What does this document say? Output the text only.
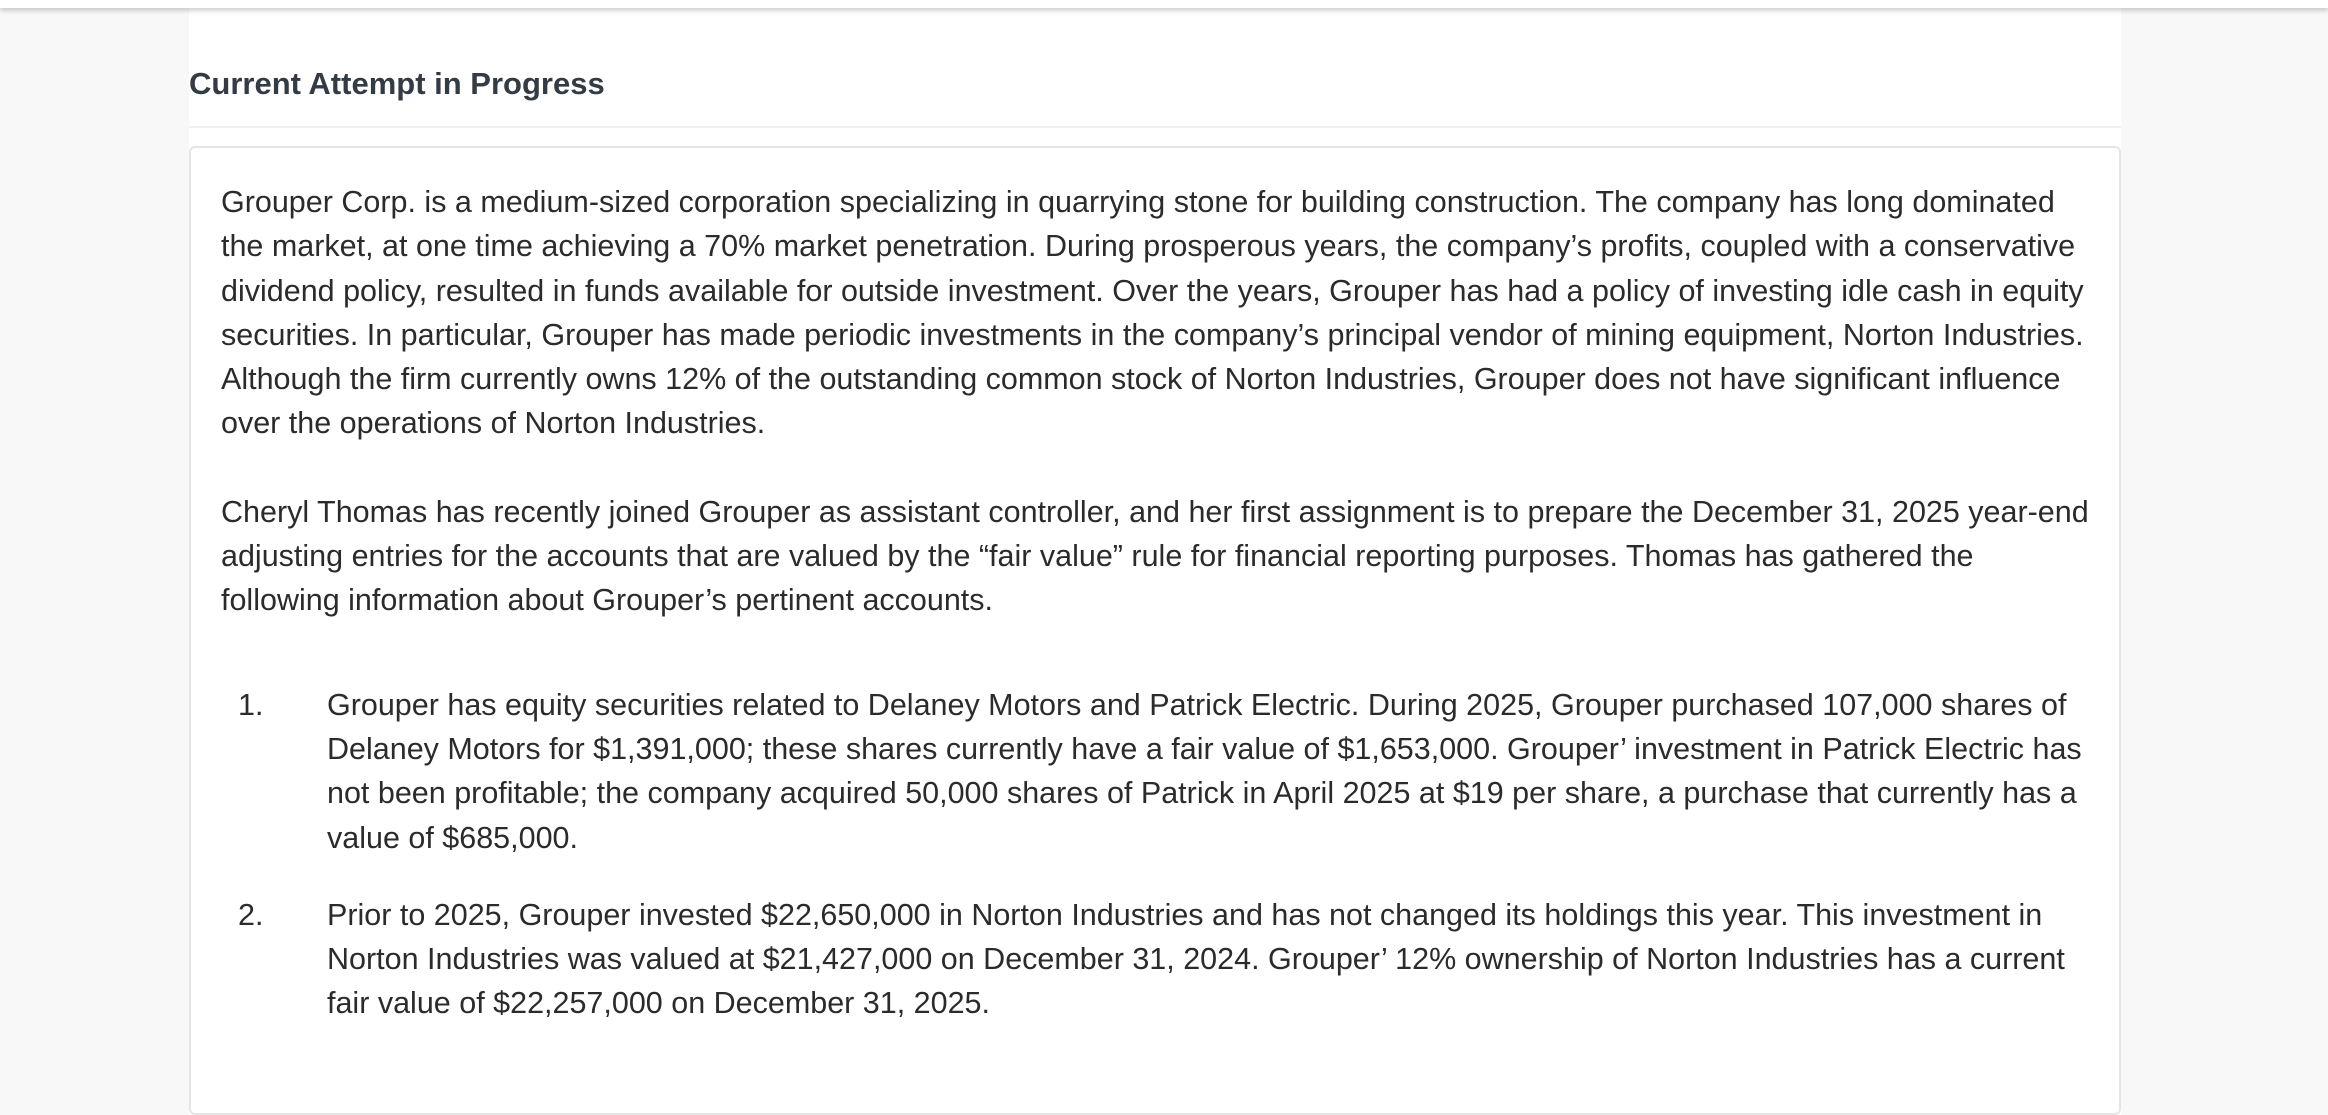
Current Attempt in Progress

Grouper Corp. is a medium-sized corporation specializing in quarrying stone for building construction. The company has long dominated the market, at one time achieving a 70% market penetration. During prosperous years, the company’s profits, coupled with a conservative dividend policy, resulted in funds available for outside investment. Over the years, Grouper has had a policy of investing idle cash in equity securities. In particular, Grouper has made periodic investments in the company’s principal vendor of mining equipment, Norton Industries. Although the firm currently owns 12% of the outstanding common stock of Norton Industries, Grouper does not have significant influence over the operations of Norton Industries.

Cheryl Thomas has recently joined Grouper as assistant controller, and her first assignment is to prepare the December 31, 2025 year-end adjusting entries for the accounts that are valued by the “fair value” rule for financial reporting purposes. Thomas has gathered the following information about Grouper’s pertinent accounts.

1.	Grouper has equity securities related to Delaney Motors and Patrick Electric. During 2025, Grouper purchased 107,000 shares of Delaney Motors for $1,391,000; these shares currently have a fair value of $1,653,000. Grouper’ investment in Patrick Electric has not been profitable; the company acquired 50,000 shares of Patrick in April 2025 at $19 per share, a purchase that currently has a value of $685,000.
2.	Prior to 2025, Grouper invested $22,650,000 in Norton Industries and has not changed its holdings this year. This investment in Norton Industries was valued at $21,427,000 on December 31, 2024. Grouper’ 12% ownership of Norton Industries has a current fair value of $22,257,000 on December 31, 2025.
